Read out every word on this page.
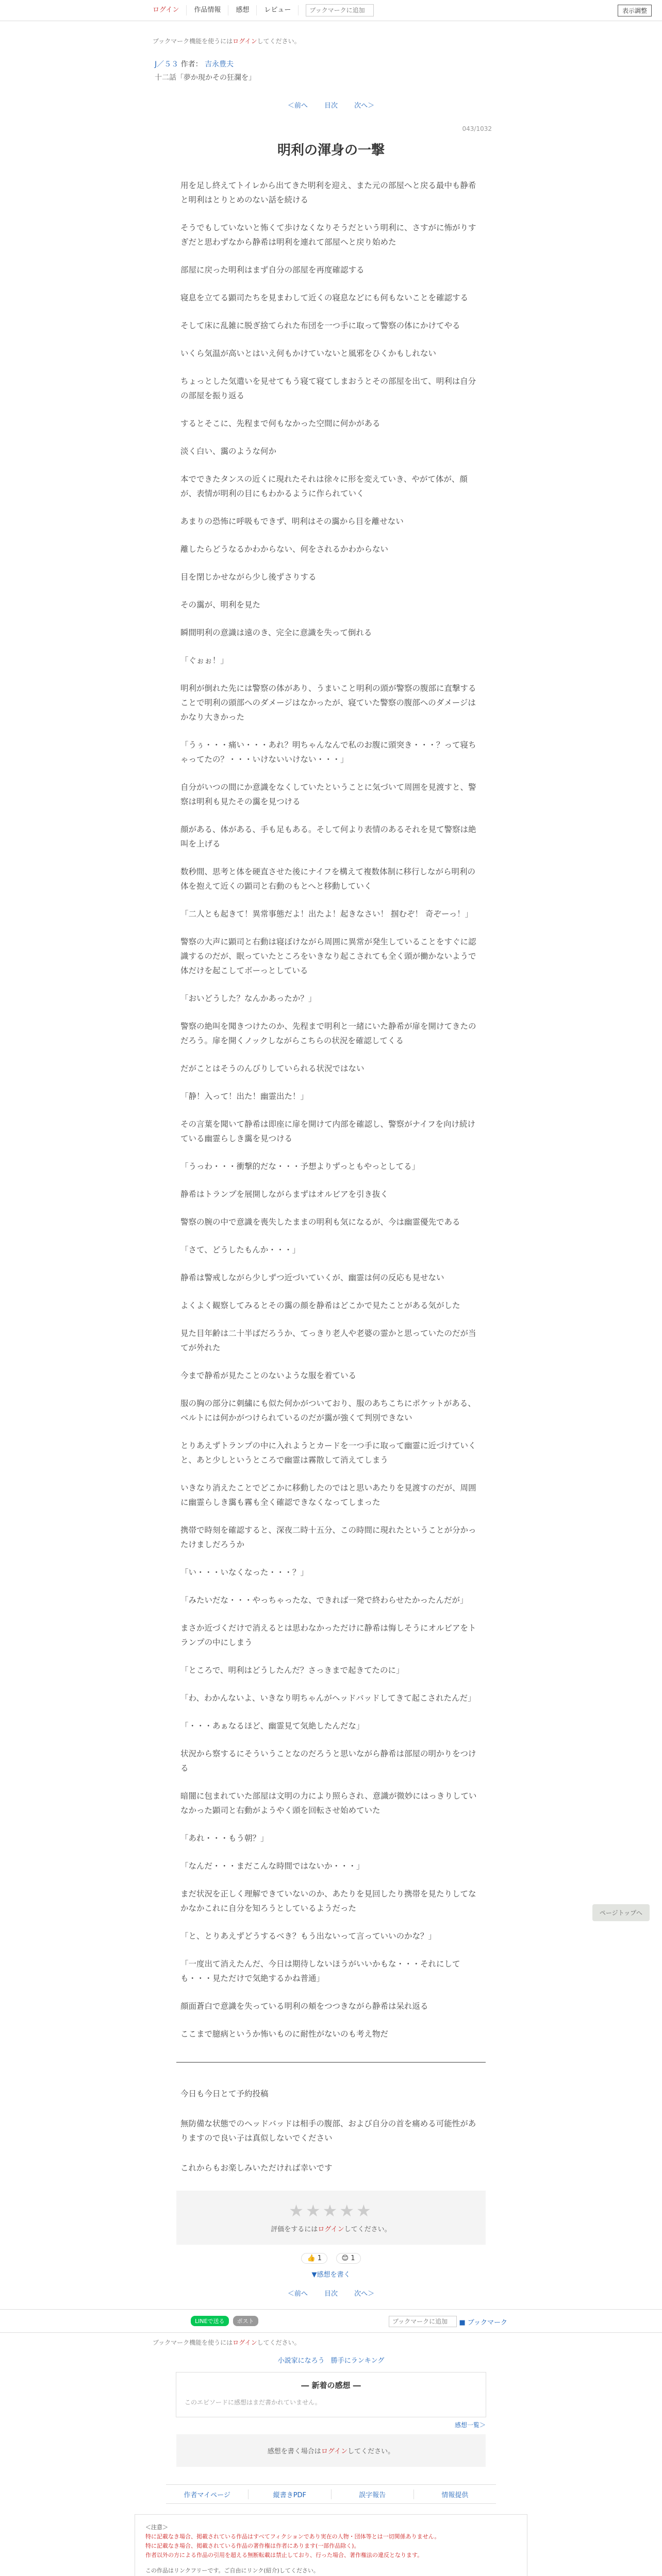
ログイン	作品情報	感想	レビュー
ブックマークに追加	表示調整
ブックマーク機能を使うにはログインしてください。
J／５３ 作者： 吉永豊夫
十二話「夢か現かその狂瀾を」
＜前へ 目次 次へ＞
043/1032
明利の渾身の一撃

用を足し終えてトイレから出てきた明利を迎え、また元の部屋へと戻る最中も静希と明利はとりとめのない話を続ける

そうでもしていないと怖くて歩けなくなりそうだという明利に、さすがに怖がりすぎだと思わずなから静希は明利を連れて部屋へと戻り始めた

部屋に戻った明利はまず自分の部屋を再度確認する

寝息を立てる顕司たちを見まわして近くの寝息などにも何もないことを確認する

そして床に乱雑に脱ぎ捨てられた布団を一つ手に取って警察の体にかけてやる

いくら気温が高いとはいえ何もかけていないと風邪をひくかもしれない

ちょっとした気遣いを見せてもう寝て寝てしまおうとその部屋を出て、明利は自分の部屋を振り返る

するとそこに、先程まで何もなかった空間に何かがある

淡く白い、靄のような何か

本でできたタンスの近くに現れたそれは徐々に形を変えていき、やがて体が、顔が、表情が明利の目にもわかるように作られていく

あまりの恐怖に呼吸もできず、明利はその靄から目を離せない

離したらどうなるかわからない、何をされるかわからない

目を閉じかせながら少し後ずさりする

その靄が、明利を見た

瞬間明利の意識は遠のき、完全に意識を失って倒れる

「ぐぉぉ！」

明利が倒れた先には警察の体があり、うまいこと明利の頭が警察の腹部に直撃することで明利の頭部へのダメージはなかったが、寝ていた警察の腹部へのダメージはかなり大きかった

「うぅ・・・痛い・・・あれ？明ちゃんなんで私のお腹に頭突き・・・？って寝ちゃってたの？・・・いけないいけない・・・」

自分がいつの間にか意識をなくしていたということに気づいて周囲を見渡すと、警察は明利も見たその靄を見つける

顔がある、体がある、手も足もある。そして何より表情のあるそれを見て警察は絶叫を上げる

数秒間、思考と体を硬直させた後にナイフを構えて複数体制に移行しながら明利の体を抱えて近くの顕司と右動のもとへと移動していく

「二人とも起きて！異常事態だよ！出たよ！起きなさい！ 掴むぞ！ 奇ぞーっ！」

警察の大声に顕司と右動は寝ぼけながら周囲に異常が発生していることをすぐに認識するのだが、眠っていたところをいきなり起こされても全く頭が働かないようで体だけを起こしてボーっとしている

「おいどうした？なんかあったか？」

警察の絶叫を聞きつけたのか、先程まで明利と一緒にいた静希が扉を開けてきたのだろう。扉を開くノックしながらこちらの状況を確認してくる

だがことはそうのんびりしていられる状況ではない

「静！入って！出た！幽霊出た！」

その言葉を聞いて静希は即座に扉を開けて内部を確認し、警察がナイフを向け続けている幽霊らしき靄を見つける

「うっわ・・・衝撃的だな・・・予想よりずっともやっとしてる」

静希はトランプを展開しながらまずはオルビアを引き抜く

警察の腕の中で意識を喪失したままの明利も気になるが、今は幽霊優先である

「さて、どうしたもんか・・・」

静希は警戒しながら少しずつ近づいていくが、幽霊は何の反応も見せない

よくよく観察してみるとその靄の顔を静希はどこかで見たことがある気がした

見た目年齢は二十半ばだろうか、てっきり老人や老婆の霊かと思っていたのだが当てが外れた

今まで静希が見たことのないような服を着ている

服の胸の部分に刺繍にも似た何かがついており、服のあちこちにポケットがある、ベルトには何かがつけられているのだが靄が強くて判別できない

とりあえずトランプの中に入れようとカードを一つ手に取って幽霊に近づけていくと、あと少しというところで幽霊は霧散して消えてしまう

いきなり消えたことでどこかに移動したのではと思いあたりを見渡すのだが、周囲に幽霊らしき靄も霧も全く確認できなくなってしまった

携帯で時刻を確認すると、深夜二時十五分、この時間に現れたということが分かったけましだろうか

「い・・・いなくなった・・・？」

「みたいだな・・・やっちゃったな、できれば一発で終わらせたかったんだが」

まさか近づくだけで消えるとは思わなかっただけに静希は悔しそうにオルビアをトランプの中にしまう

「ところで、明利はどうしたんだ？さっきまで起きてたのに」

「わ、わかんないよ、いきなり明ちゃんがヘッドバッドしてきて起こされたんだ」

「・・・あぁなるほど、幽霊見て気絶したんだな」

状況から察するにそういうことなのだろうと思いながら静希は部屋の明かりをつける

暗闇に包まれていた部屋は文明の力により照らされ、意識が微妙にはっきりしていなかった顕司と右動がようやく頭を回転させ始めていた

「あれ・・・もう朝？」

「なんだ・・・まだこんな時間ではないか・・・」

まだ状況を正しく理解できていないのか、あたりを見回したり携帯を見たりしてなかなかこれに自分を知ろうとしているようだった

「と、とりあえずどうするべき？もう出ないって言っていいのかな？」

「一度出て消えたんだ、今日は期待しないほうがいいかもな・・・それにしても・・・見ただけで気絶するかね普通」

顔面蒼白で意識を失っている明利の頬をつつきながら静希は呆れ返る

ここまで臆病というか怖いものに耐性がないのも考え物だ

今日も今日とて予約投稿

無防備な状態でのヘッドバッドは相手の腹部、および自分の首を痛める可能性がありますので良い子は真似しないでください

これからもお楽しみいただければ幸いです

★★★★★
評価をするにはログインしてください。
👍 1	😊 1
▼感想を書く
＜前へ 目次 次へ＞
LINEで送る	ポスト
ブックマークに追加	■ ブックマーク
ブックマーク機能を使うにはログインしてください。
小説家になろう 勝手にランキング
― 新着の感想 ―
このエピソードに感想はまだ書かれていません。
感想一覧＞
感想を書く場合はログインしてください。
作者マイページ	縦書きPDF	誤字報告	情報提供
＜注意＞
特に記載なき場合、掲載されている作品はすべてフィクションであり実在の人物・団体等とは一切関係ありません。
特に記載なき場合、掲載されている作品の著作権は作者にあります(一部作品除く)。
作者以外の方による作品の引用を超える無断転載は禁止しており、行った場合、著作権法の違反となります。
この作品はリンクフリーです。ご自由にリンク(紹介)してください。
ページトップへ
